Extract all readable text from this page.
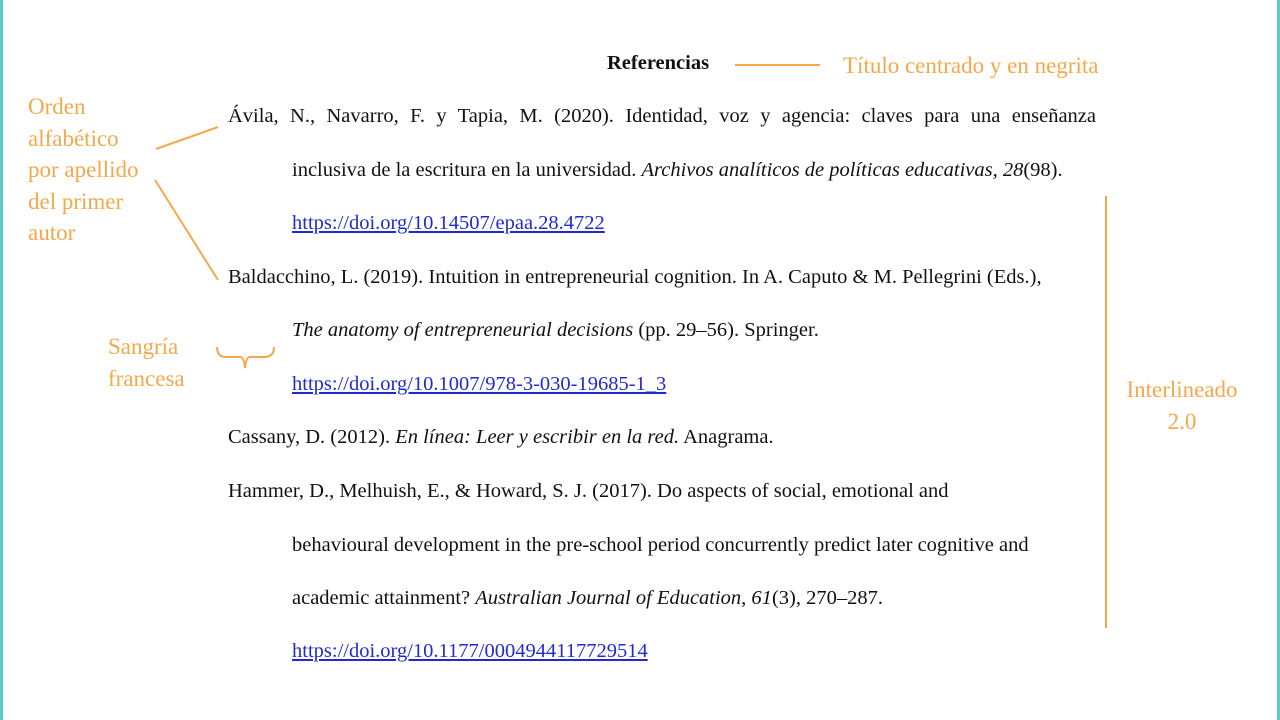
Referencias
Ávila, N., Navarro, F. y Tapia, M. (2020). Identidad, voz y agencia: claves para una enseñanza
inclusiva de la escritura en la universidad. Archivos analíticos de políticas educativas, 28(98).
https://doi.org/10.14507/epaa.28.4722
Baldacchino, L. (2019). Intuition in entrepreneurial cognition. In A. Caputo & M. Pellegrini (Eds.),
The anatomy of entrepreneurial decisions (pp. 29–56). Springer.
https://doi.org/10.1007/978-3-030-19685-1_3
Cassany, D. (2012). En línea: Leer y escribir en la red. Anagrama.
Hammer, D., Melhuish, E., & Howard, S. J. (2017). Do aspects of social, emotional and
behavioural development in the pre-school period concurrently predict later cognitive and
academic attainment? Australian Journal of Education, 61(3), 270–287.
https://doi.org/10.1177/0004944117729514
Título centrado y en negrita
Orden
alfabético
por apellido
del primer
autor
Sangría
francesa	Interlineado
2.0
